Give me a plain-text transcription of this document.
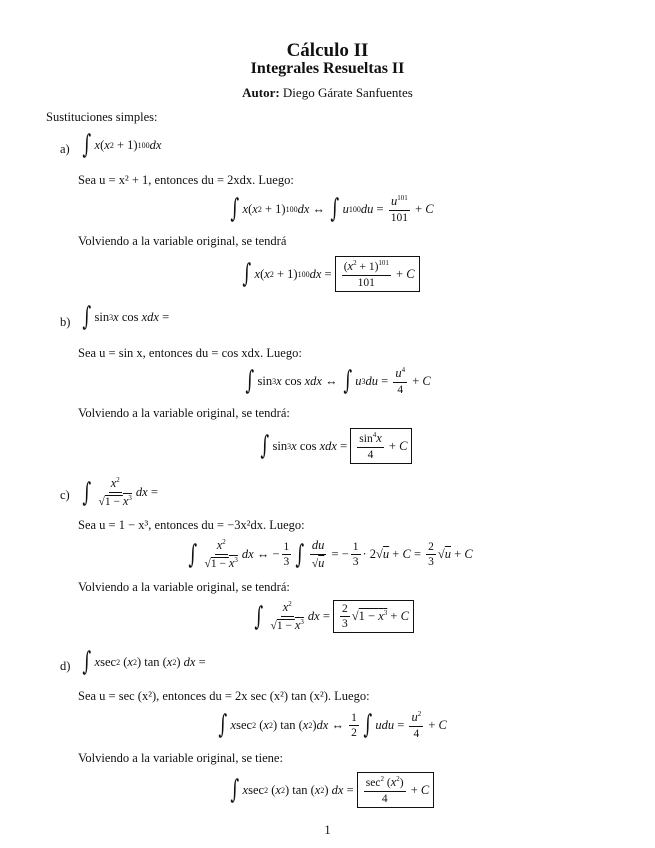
Cálculo II
Integrales Resueltas II
Autor: Diego Gárate Sanfuentes
Sustituciones simples:
a) ∫ x ( x 2 + 1) 100 dx
Sea u = x² + 1, entonces du = 2xdx. Luego:
∫ x ( x 2 + 1) 100 dx ↔ ∫ u 100 du = $\frac{u^{101}}{101} + C$
Volviendo a la variable original, se tendrá
∫ x ( x 2 + 1) 100 dx = $\frac{(x^2 + 1)^{101}}{101} + C$
b) ∫ sin 3 x cos xdx =
Sea u = sin x, entonces du = cos xdx. Luego:
∫ sin 3 x cos xdx ↔ ∫ u 3 du = $\frac{u^4}{4} + C$
Volviendo a la variable original, se tendrá:
∫ sin 3 x cos xdx = $\frac{\sin^4x}{4} + C$
c) ∫ $\frac{x^2}{√1 - x^3}$ dx =
Sea u = 1 − x³, entonces du = −3x²dx. Luego:
∫ $\frac{x^2}{√1 - x^3}$ dx ↔ − $\frac{1}{3}$ ∫ $\frac{du}{√u}$ = − $\frac{1}{3} \cdot 2√$ $u + C = \frac{2}{3}$ √ u + C
Volviendo a la variable original, se tendrá:
∫ $\frac{x^2}{√1 - x^3}$ dx = $\frac{2}{3}$ √ $1 - x^3 + C$
d) ∫ x sec 2 ( x 2 ) tan ( x 2 ) dx =
Sea u = sec (x²), entonces du = 2x sec (x²) tan (x²). Luego:
∫ x sec 2 ( x 2 ) tan ( x 2 ) dx ↔ $\frac{1}{2}$ ∫ udu = $\frac{u^2}{4} + C$
Volviendo a la variable original, se tiene:
∫ x sec 2 ( x 2 ) tan ( x 2 ) dx = $\frac{\sec^2 (x^2)}{4} + C$
1
